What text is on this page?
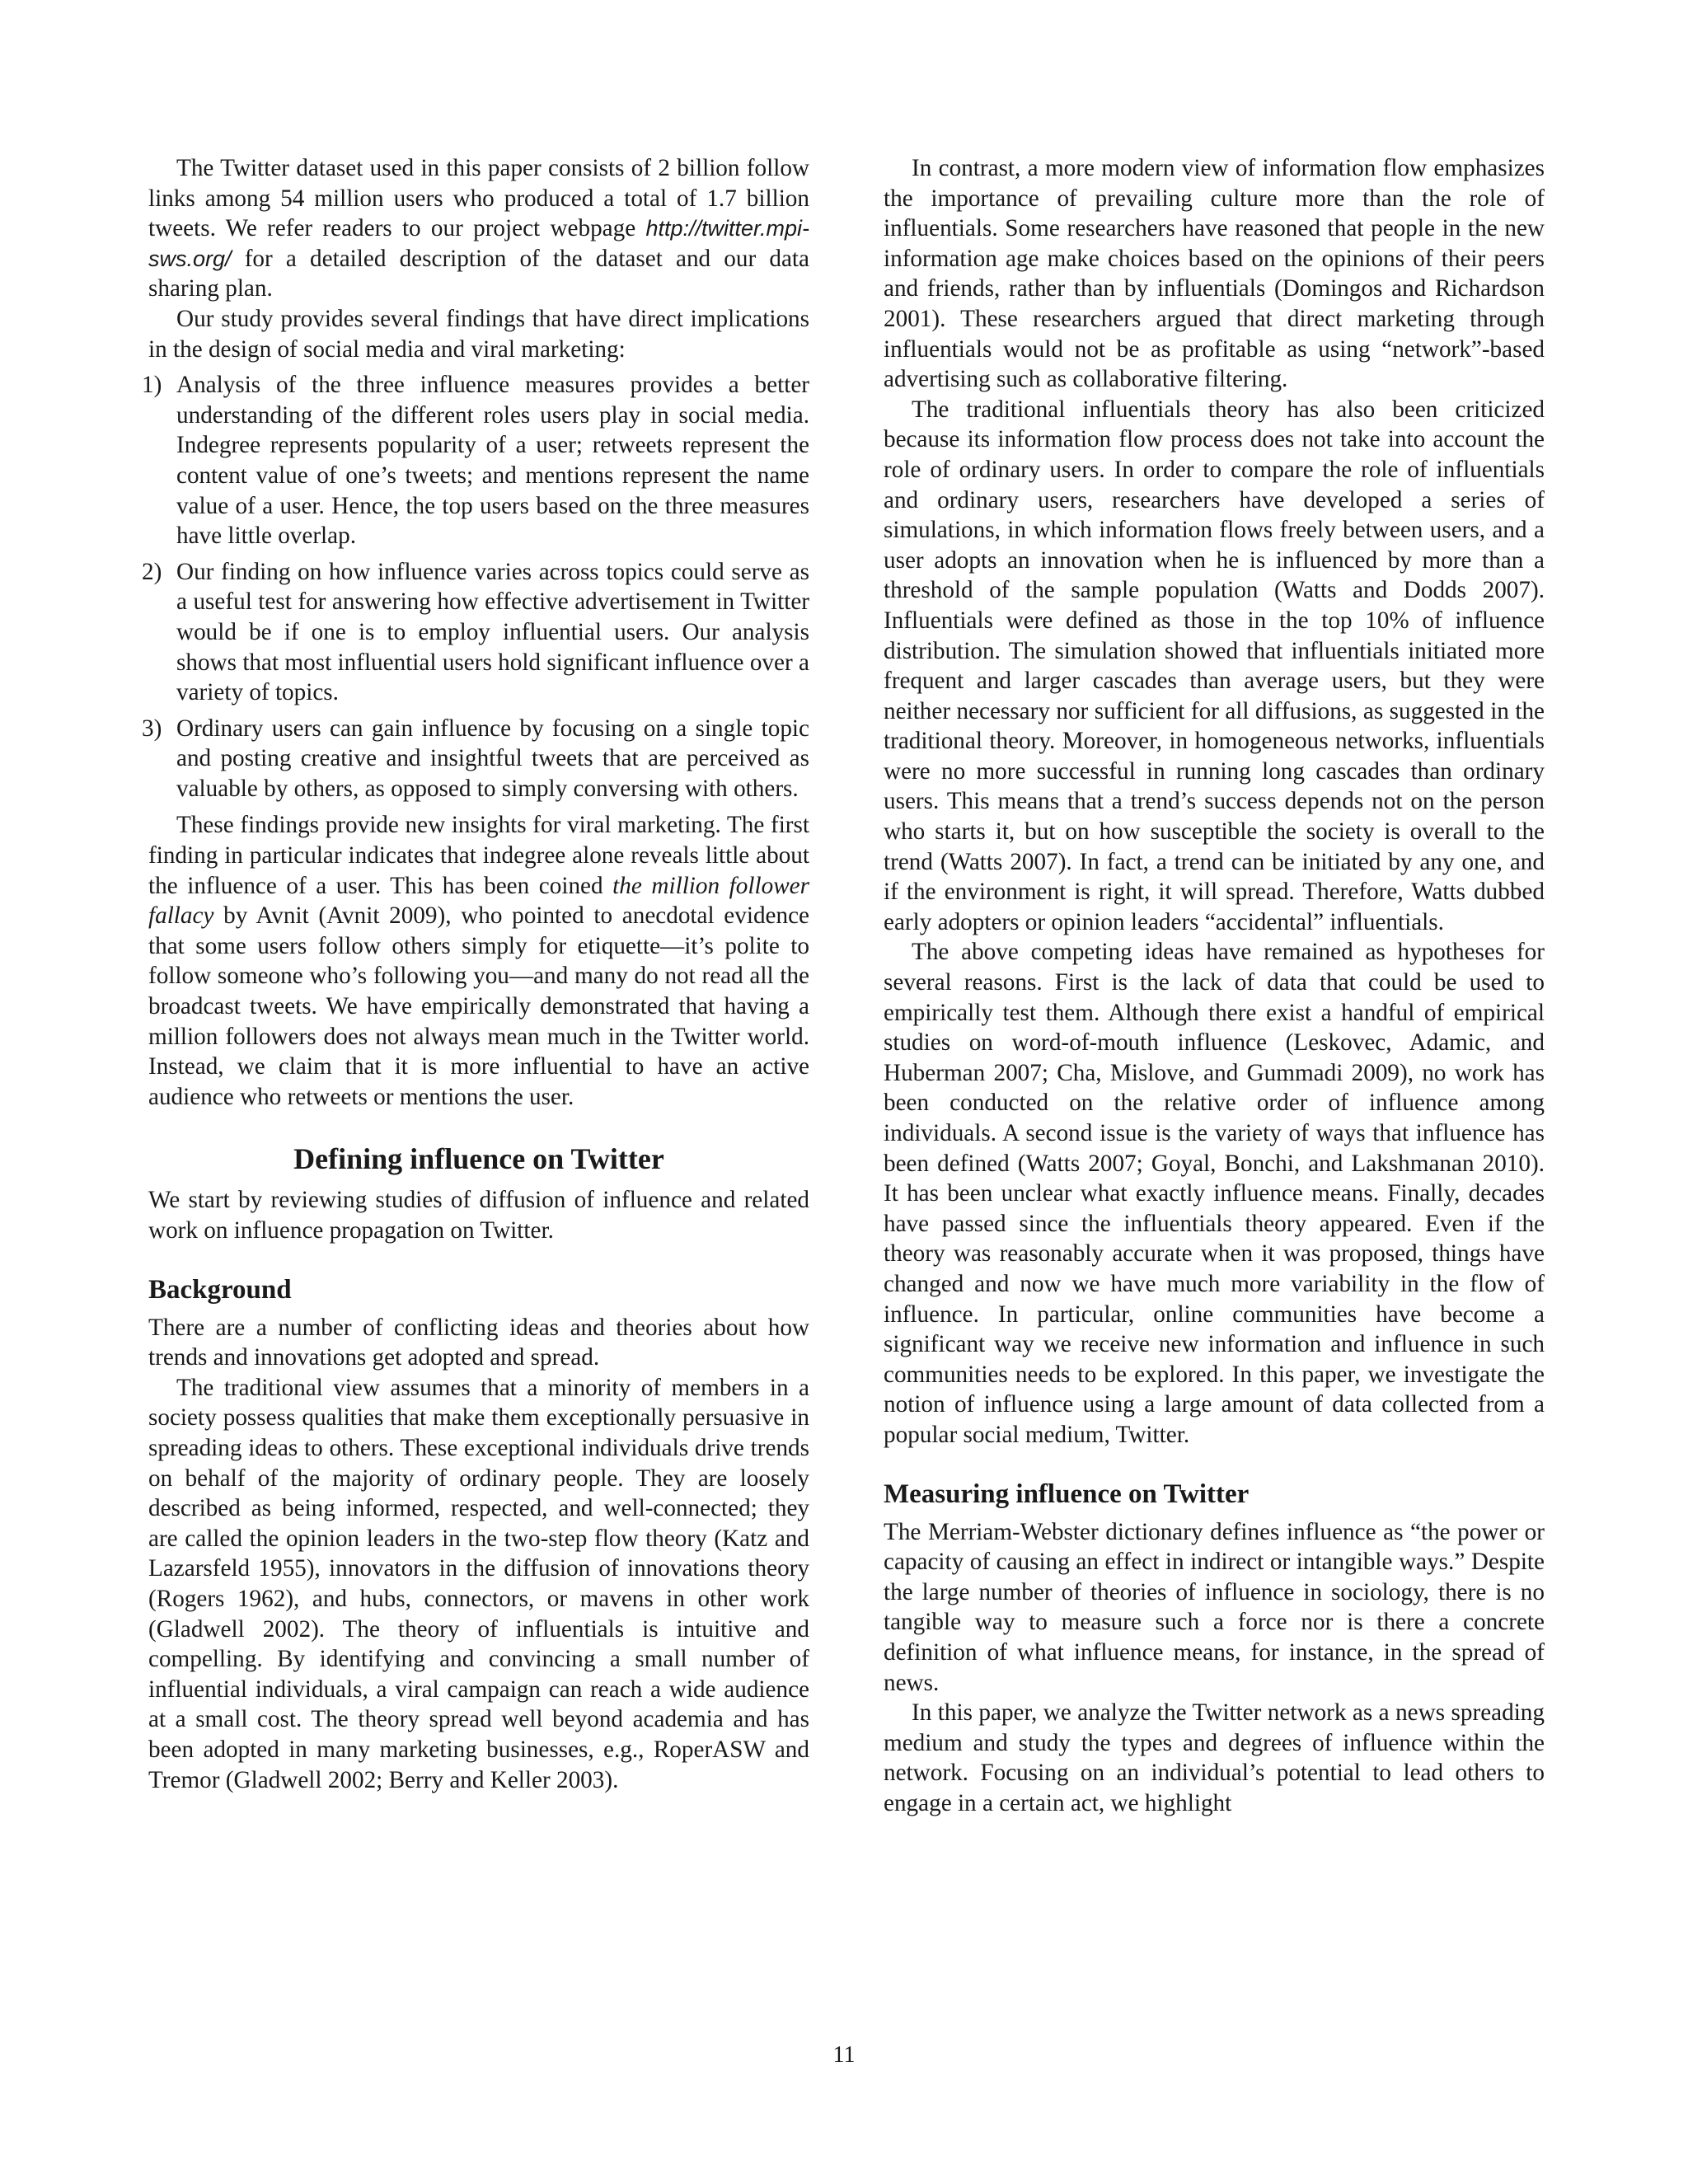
The Twitter dataset used in this paper consists of 2 billion follow links among 54 million users who produced a total of 1.7 billion tweets. We refer readers to our project webpage http://twitter.mpi-sws.org/ for a detailed description of the dataset and our data sharing plan.

Our study provides several findings that have direct implications in the design of social media and viral marketing:

1) Analysis of the three influence measures provides a better understanding of the different roles users play in social media. Indegree represents popularity of a user; retweets represent the content value of one’s tweets; and mentions represent the name value of a user. Hence, the top users based on the three measures have little overlap.
2) Our finding on how influence varies across topics could serve as a useful test for answering how effective advertisement in Twitter would be if one is to employ influential users. Our analysis shows that most influential users hold significant influence over a variety of topics.
3) Ordinary users can gain influence by focusing on a single topic and posting creative and insightful tweets that are perceived as valuable by others, as opposed to simply conversing with others.

These findings provide new insights for viral marketing. The first finding in particular indicates that indegree alone reveals little about the influence of a user. This has been coined the million follower fallacy by Avnit (Avnit 2009), who pointed to anecdotal evidence that some users follow others simply for etiquette—it’s polite to follow someone who’s following you—and many do not read all the broadcast tweets. We have empirically demonstrated that having a million followers does not always mean much in the Twitter world. Instead, we claim that it is more influential to have an active audience who retweets or mentions the user.

Defining influence on Twitter

We start by reviewing studies of diffusion of influence and related work on influence propagation on Twitter.

Background

There are a number of conflicting ideas and theories about how trends and innovations get adopted and spread.

The traditional view assumes that a minority of members in a society possess qualities that make them exceptionally persuasive in spreading ideas to others. These exceptional individuals drive trends on behalf of the majority of ordinary people. They are loosely described as being informed, respected, and well-connected; they are called the opinion leaders in the two-step flow theory (Katz and Lazarsfeld 1955), innovators in the diffusion of innovations theory (Rogers 1962), and hubs, connectors, or mavens in other work (Gladwell 2002). The theory of influentials is intuitive and compelling. By identifying and convincing a small number of influential individuals, a viral campaign can reach a wide audience at a small cost. The theory spread well beyond academia and has been adopted in many marketing businesses, e.g., RoperASW and Tremor (Gladwell 2002; Berry and Keller 2003).

In contrast, a more modern view of information flow emphasizes the importance of prevailing culture more than the role of influentials. Some researchers have reasoned that people in the new information age make choices based on the opinions of their peers and friends, rather than by influentials (Domingos and Richardson 2001). These researchers argued that direct marketing through influentials would not be as profitable as using “network”-based advertising such as collaborative filtering.

The traditional influentials theory has also been criticized because its information flow process does not take into account the role of ordinary users. In order to compare the role of influentials and ordinary users, researchers have developed a series of simulations, in which information flows freely between users, and a user adopts an innovation when he is influenced by more than a threshold of the sample population (Watts and Dodds 2007). Influentials were defined as those in the top 10% of influence distribution. The simulation showed that influentials initiated more frequent and larger cascades than average users, but they were neither necessary nor sufficient for all diffusions, as suggested in the traditional theory. Moreover, in homogeneous networks, influentials were no more successful in running long cascades than ordinary users. This means that a trend’s success depends not on the person who starts it, but on how susceptible the society is overall to the trend (Watts 2007). In fact, a trend can be initiated by any one, and if the environment is right, it will spread. Therefore, Watts dubbed early adopters or opinion leaders “accidental” influentials.

The above competing ideas have remained as hypotheses for several reasons. First is the lack of data that could be used to empirically test them. Although there exist a handful of empirical studies on word-of-mouth influence (Leskovec, Adamic, and Huberman 2007; Cha, Mislove, and Gummadi 2009), no work has been conducted on the relative order of influence among individuals. A second issue is the variety of ways that influence has been defined (Watts 2007; Goyal, Bonchi, and Lakshmanan 2010). It has been unclear what exactly influence means. Finally, decades have passed since the influentials theory appeared. Even if the theory was reasonably accurate when it was proposed, things have changed and now we have much more variability in the flow of influence. In particular, online communities have become a significant way we receive new information and influence in such communities needs to be explored. In this paper, we investigate the notion of influence using a large amount of data collected from a popular social medium, Twitter.

Measuring influence on Twitter

The Merriam-Webster dictionary defines influence as “the power or capacity of causing an effect in indirect or intangible ways.” Despite the large number of theories of influence in sociology, there is no tangible way to measure such a force nor is there a concrete definition of what influence means, for instance, in the spread of news.

In this paper, we analyze the Twitter network as a news spreading medium and study the types and degrees of influence within the network. Focusing on an individual’s potential to lead others to engage in a certain act, we highlight

11
